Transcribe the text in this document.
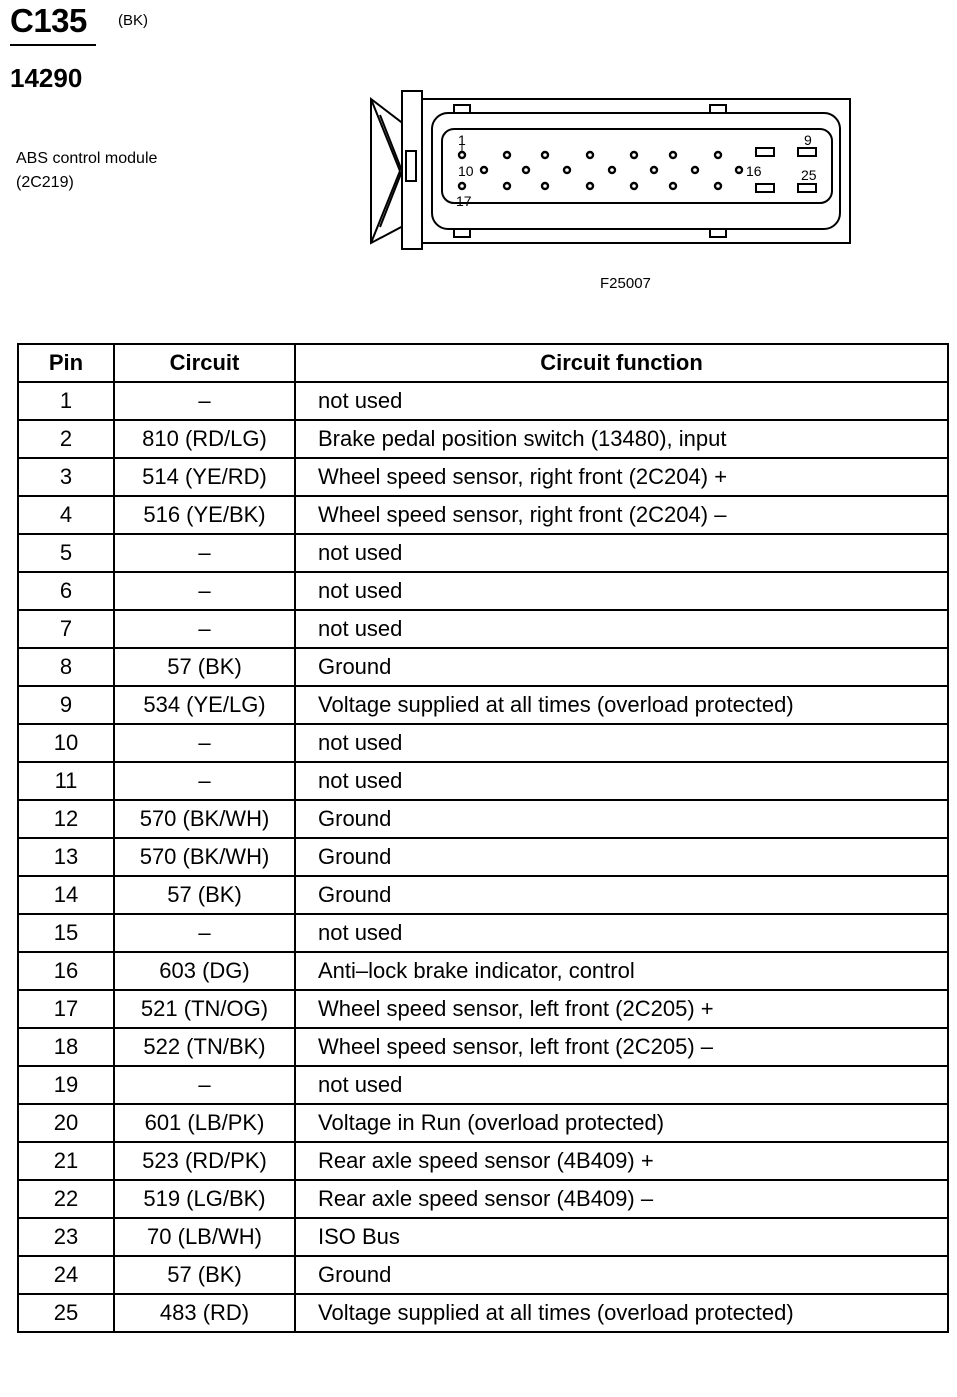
C135 (BK)
14290
ABS control module
(2C219)
1	9
10	16
17
25
F25007
Pin	Circuit	Circuit function
1	–	not used
2	810 (RD/LG)	Brake pedal position switch (13480), input
3	514 (YE/RD)	Wheel speed sensor, right front (2C204) +
4	516 (YE/BK)	Wheel speed sensor, right front (2C204) –
5	–	not used
6	–	not used
7	–	not used
8	57 (BK)	Ground
9	534 (YE/LG)	Voltage supplied at all times (overload protected)
10	–	not used
11	–	not used
12	570 (BK/WH)	Ground
13	570 (BK/WH)	Ground
14	57 (BK)	Ground
15	–	not used
16	603 (DG)	Anti–lock brake indicator, control
17	521 (TN/OG)	Wheel speed sensor, left front (2C205) +
18	522 (TN/BK)	Wheel speed sensor, left front (2C205) –
19	–	not used
20	601 (LB/PK)	Voltage in Run (overload protected)
21	523 (RD/PK)	Rear axle speed sensor (4B409) +
22	519 (LG/BK)	Rear axle speed sensor (4B409) –
23	70 (LB/WH)	ISO Bus
24	57 (BK)	Ground
25	483 (RD)	Voltage supplied at all times (overload protected)
